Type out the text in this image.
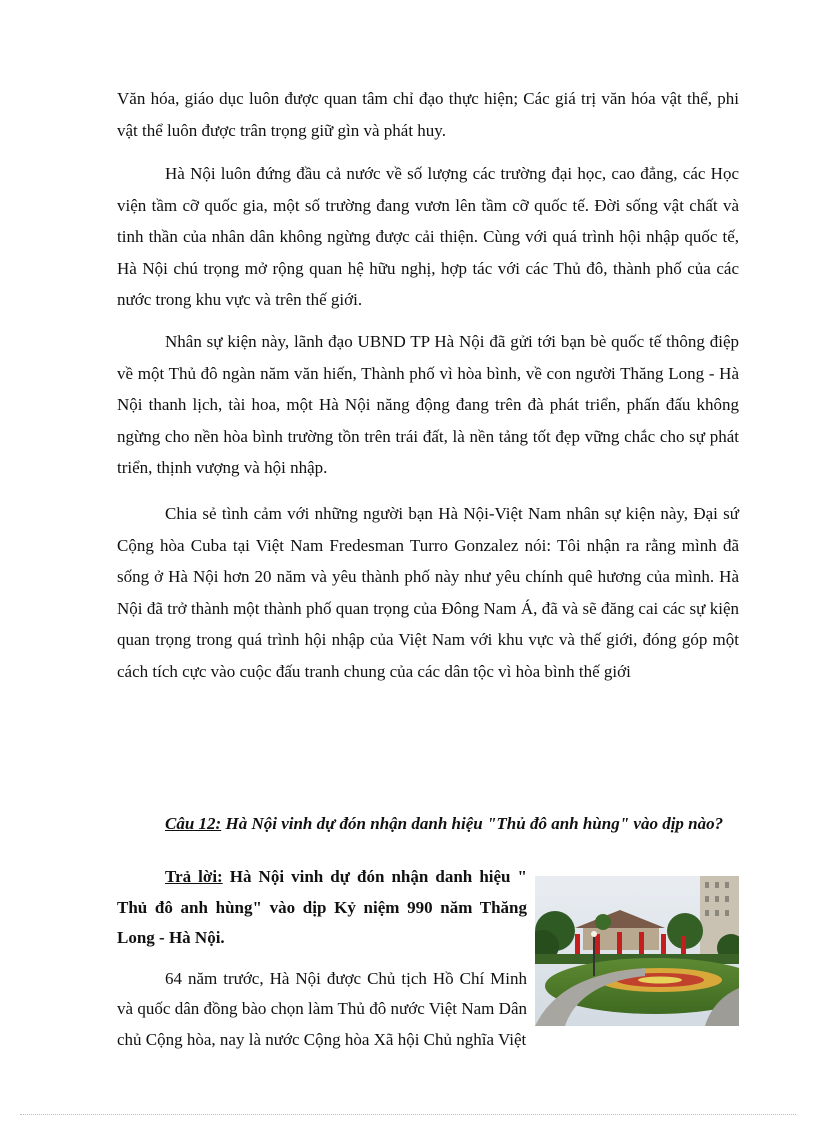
Văn hóa, giáo dục luôn được quan tâm chỉ đạo thực hiện; Các giá trị văn hóa vật thể, phi vật thể luôn được trân trọng giữ gìn và phát huy.

Hà Nội luôn đứng đầu cả nước về số lượng các trường đại học, cao đẳng, các Học viện tầm cỡ quốc gia, một số trường đang vươn lên tầm cỡ quốc tế. Đời sống vật chất và tinh thần của nhân dân không ngừng được cải thiện. Cùng với quá trình hội nhập quốc tế, Hà Nội chú trọng mở rộng quan hệ hữu nghị, hợp tác với các Thủ đô, thành phố của các nước trong khu vực và trên thế giới.

Nhân sự kiện này, lãnh đạo UBND TP Hà Nội đã gửi tới bạn bè quốc tế thông điệp về một Thủ đô ngàn năm văn hiến, Thành phố vì hòa bình, về con người Thăng Long - Hà Nội thanh lịch, tài hoa, một Hà Nội năng động đang trên đà phát triển, phấn đấu không ngừng cho nền hòa bình trường tồn trên trái đất, là nền tảng tốt đẹp vững chắc cho sự phát triển, thịnh vượng và hội nhập.

Chia sẻ tình cảm với những người bạn Hà Nội-Việt Nam nhân sự kiện này, Đại sứ Cộng hòa Cuba tại Việt Nam Fredesman Turro Gonzalez nói: Tôi nhận ra rằng mình đã sống ở Hà Nội hơn 20 năm và yêu thành phố này như yêu chính quê hương của mình. Hà Nội đã trở thành một thành phố quan trọng của Đông Nam Á, đã và sẽ đăng cai các sự kiện quan trọng trong quá trình hội nhập của Việt Nam với khu vực và thế giới, đóng góp một cách tích cực vào cuộc đấu tranh chung của các dân tộc vì hòa bình thế giới

Câu 12: Hà Nội vinh dự đón nhận danh hiệu "Thủ đô anh hùng" vào dịp nào?

Trả lời: Hà Nội vinh dự đón nhận danh hiệu " Thủ đô anh hùng" vào dịp Kỷ niệm 990 năm Thăng Long - Hà Nội.

64 năm trước, Hà Nội được Chủ tịch Hồ Chí Minh và quốc dân đồng bào chọn làm Thủ đô nước Việt Nam Dân chủ Cộng hòa, nay là nước Cộng hòa Xã hội Chủ nghĩa Việt
